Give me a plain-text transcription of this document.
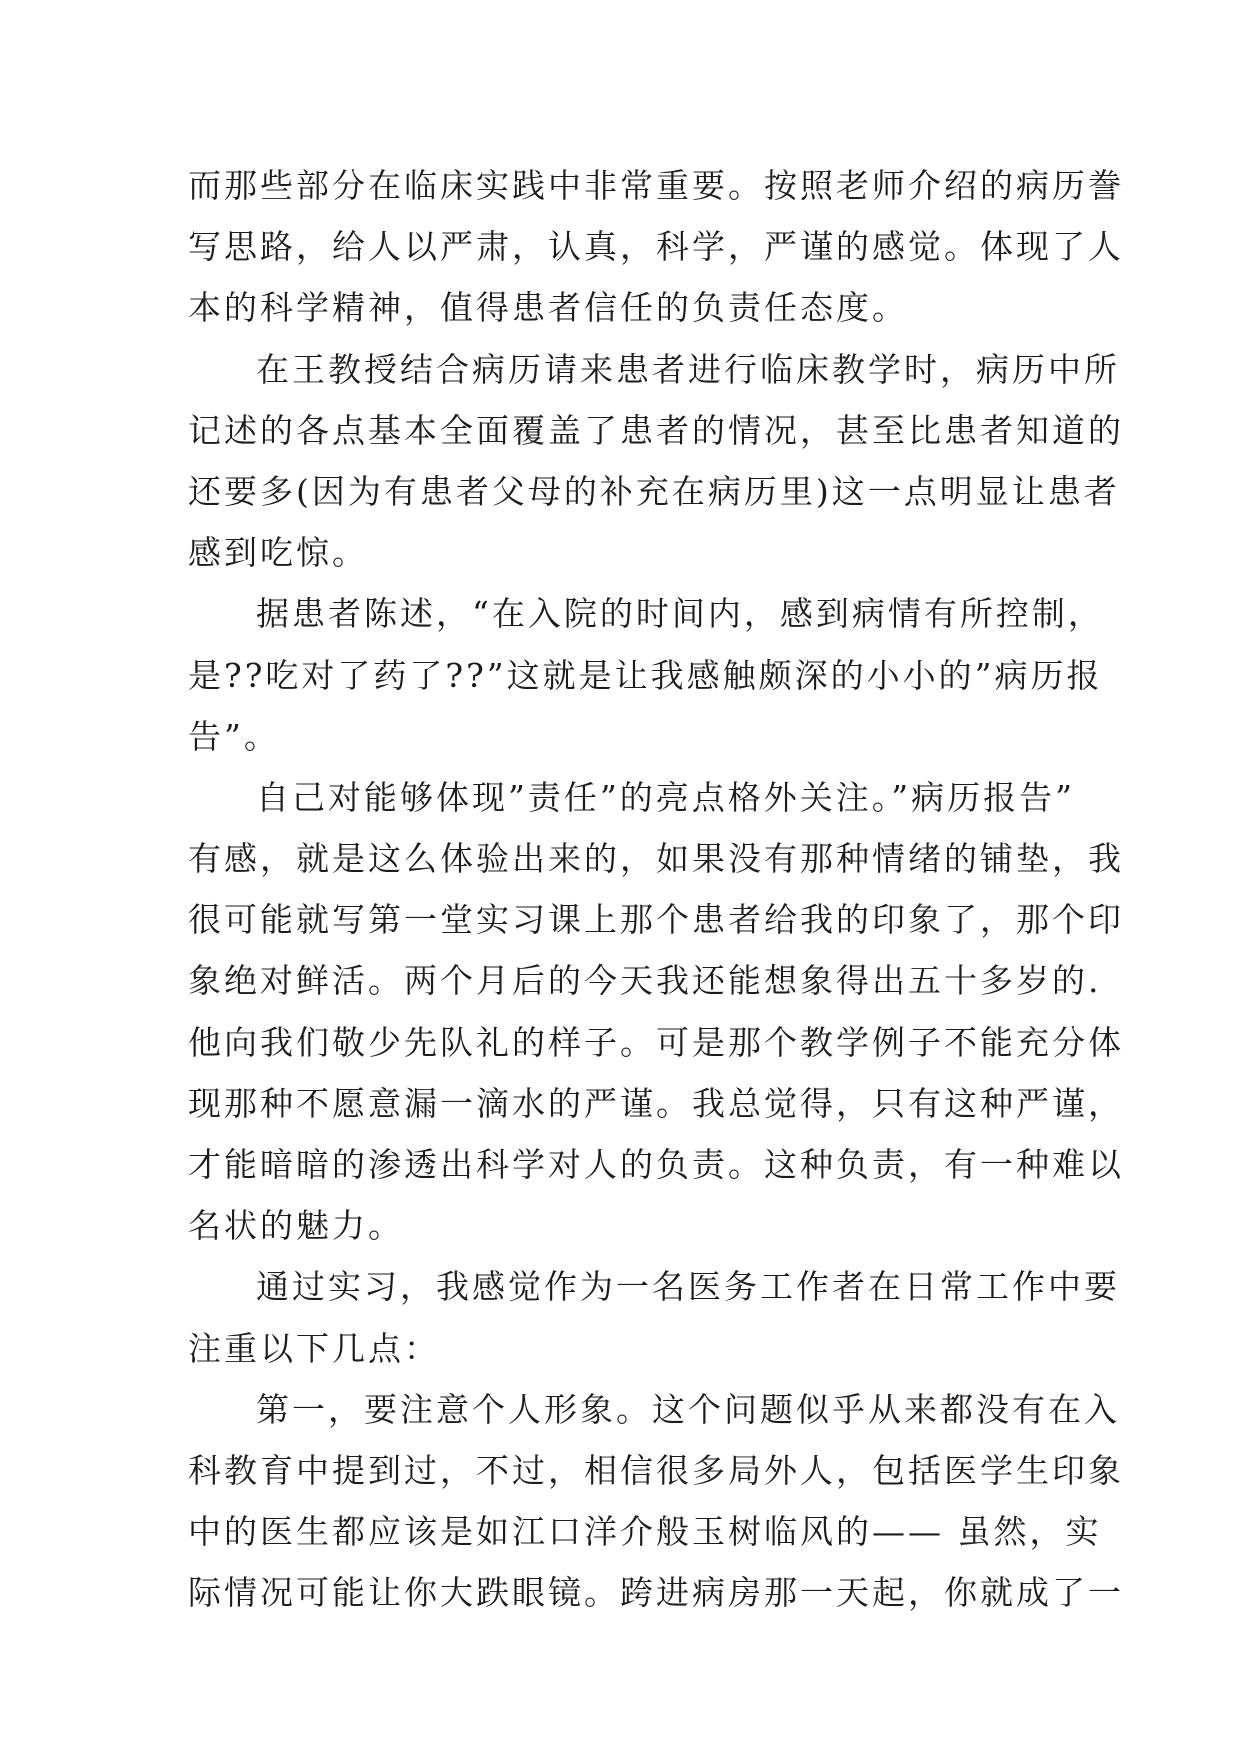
而那些部分在临床实践中非常重要。按照老师介绍的病历誊
写思路，给人以严肃，认真，科学，严谨的感觉。体现了人
本的科学精神，值得患者信任的负责任态度。
在王教授结合病历请来患者进行临床教学时，病历中所
记述的各点基本全面覆盖了患者的情况，甚至比患者知道的
还要多(因为有患者父母的补充在病历里)这一点明显让患者
感到吃惊。
据患者陈述，“在入院的时间内，感到病情有所控制，
是??吃对了药了??”这就是让我感触颇深的小小的”病历报
告”。
自己对能够体现”责任”的亮点格外关注。”病历报告”
有感，就是这么体验出来的，如果没有那种情绪的铺垫，我
很可能就写第一堂实习课上那个患者给我的印象了，那个印
象绝对鲜活。两个月后的今天我还能想象得出五十多岁的.
他向我们敬少先队礼的样子。可是那个教学例子不能充分体
现那种不愿意漏一滴水的严谨。我总觉得，只有这种严谨，
才能暗暗的渗透出科学对人的负责。这种负责，有一种难以
名状的魅力。
通过实习，我感觉作为一名医务工作者在日常工作中要
注重以下几点：
第一，要注意个人形象。这个问题似乎从来都没有在入
科教育中提到过，不过，相信很多局外人，包括医学生印象
中的医生都应该是如江口洋介般玉树临风的—— 虽然，实
际情况可能让你大跌眼镜。跨进病房那一天起，你就成了一
